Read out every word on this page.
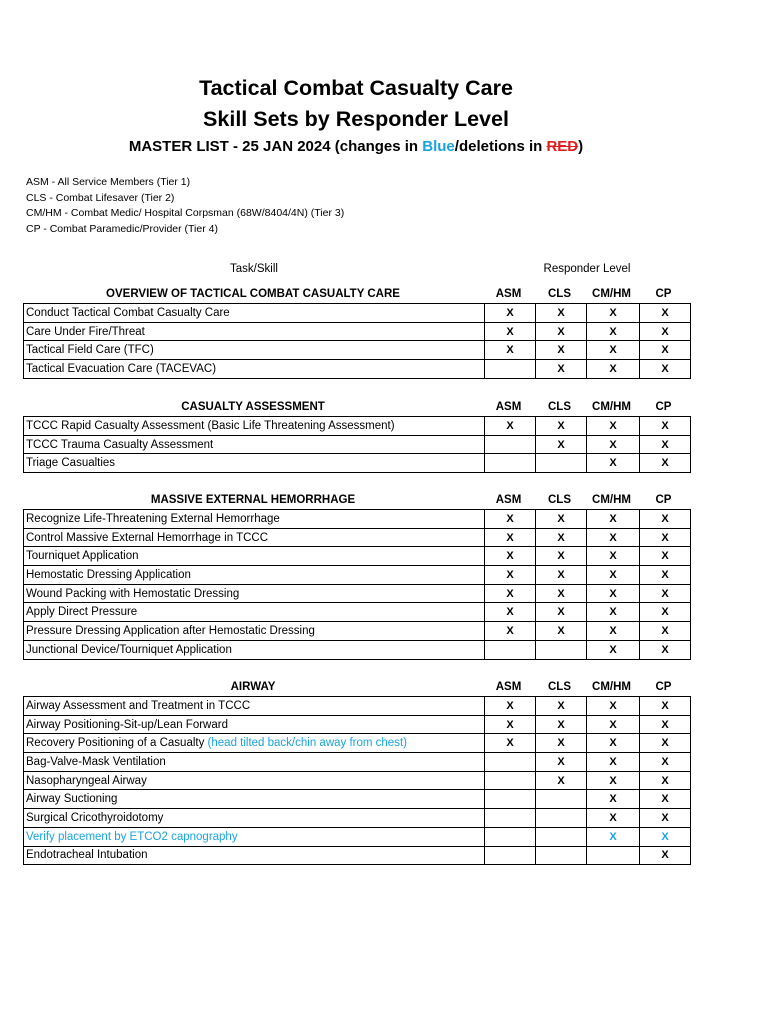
Tactical Combat Casualty Care
Skill Sets by Responder Level
MASTER LIST - 25 JAN 2024 (changes in Blue/deletions in RED)
ASM - All Service Members (Tier 1)
CLS - Combat Lifesaver (Tier 2)
CM/HM - Combat Medic/ Hospital Corpsman (68W/8404/4N) (Tier 3)
CP - Combat Paramedic/Provider (Tier 4)
Task/Skill	Responder Level
OVERVIEW OF TACTICAL COMBAT CASUALTY CARE	ASM	CLS	CM/HM	CP
Conduct Tactical Combat Casualty Care	X	X	X	X
Care Under Fire/Threat	X	X	X	X
Tactical Field Care (TFC)	X	X	X	X
Tactical Evacuation Care (TACEVAC)		X	X	X
CASUALTY ASSESSMENT	ASM	CLS	CM/HM	CP
TCCC Rapid Casualty Assessment (Basic Life Threatening Assessment)	X	X	X	X
TCCC Trauma Casualty Assessment		X	X	X
Triage Casualties			X	X
MASSIVE EXTERNAL HEMORRHAGE	ASM	CLS	CM/HM	CP
Recognize Life-Threatening External Hemorrhage	X	X	X	X
Control Massive External Hemorrhage in TCCC	X	X	X	X
Tourniquet Application	X	X	X	X
Hemostatic Dressing Application	X	X	X	X
Wound Packing with Hemostatic Dressing	X	X	X	X
Apply Direct Pressure	X	X	X	X
Pressure Dressing Application after Hemostatic Dressing	X	X	X	X
Junctional Device/Tourniquet Application			X	X
AIRWAY	ASM	CLS	CM/HM	CP
Airway Assessment and Treatment in TCCC	X	X	X	X
Airway Positioning-Sit-up/Lean Forward	X	X	X	X
Recovery Positioning of a Casualty (head tilted back/chin away from chest)	X	X	X	X
Bag-Valve-Mask Ventilation		X	X	X
Nasopharyngeal Airway		X	X	X
Airway Suctioning			X	X
Surgical Cricothyroidotomy			X	X
Verify placement by ETCO2 capnography			X	X
Endotracheal Intubation				X
